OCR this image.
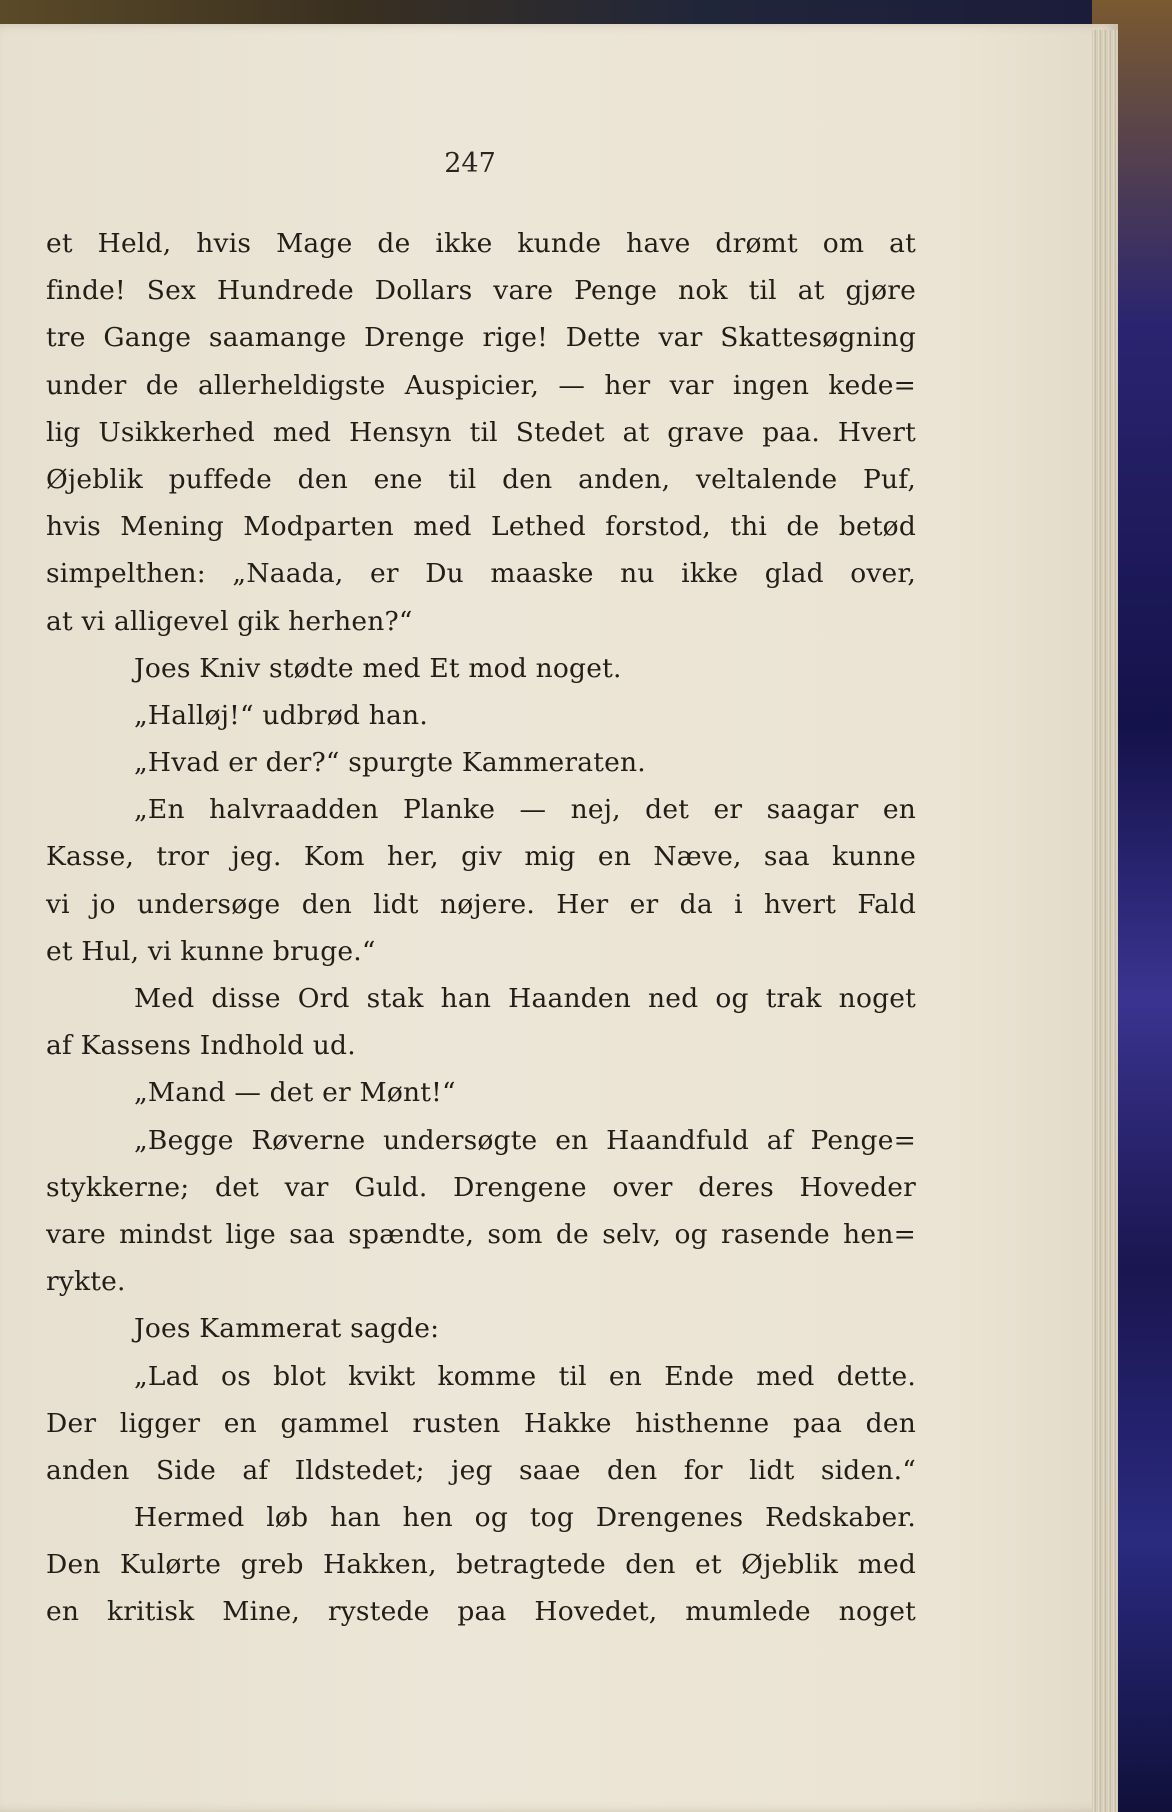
247
et Held, hvis Mage de ikke kunde have drømt om at
finde! Sex Hundrede Dollars vare Penge nok til at gjøre
tre Gange saamange Drenge rige! Dette var Skattesøgning
under de allerheldigste Auspicier, — her var ingen kede=
lig Usikkerhed med Hensyn til Stedet at grave paa. Hvert
Øjeblik puffede den ene til den anden, veltalende Puf,
hvis Mening Modparten med Lethed forstod, thi de betød
simpelthen: „Naada, er Du maaske nu ikke glad over,
at vi alligevel gik herhen?“
Joes Kniv stødte med Et mod noget.
„Halløj!“ udbrød han.
„Hvad er der?“ spurgte Kammeraten.
„En halvraadden Planke — nej, det er saagar en
Kasse, tror jeg. Kom her, giv mig en Næve, saa kunne
vi jo undersøge den lidt nøjere. Her er da i hvert Fald
et Hul, vi kunne bruge.“
Med disse Ord stak han Haanden ned og trak noget
af Kassens Indhold ud.
„Mand — det er Mønt!“
„Begge Røverne undersøgte en Haandfuld af Penge=
stykkerne; det var Guld. Drengene over deres Hoveder
vare mindst lige saa spændte, som de selv, og rasende hen=
rykte.
Joes Kammerat sagde:
„Lad os blot kvikt komme til en Ende med dette.
Der ligger en gammel rusten Hakke histhenne paa den
anden Side af Ildstedet; jeg saae den for lidt siden.“
Hermed løb han hen og tog Drengenes Redskaber.
Den Kulørte greb Hakken, betragtede den et Øjeblik med
en kritisk Mine, rystede paa Hovedet, mumlede noget
